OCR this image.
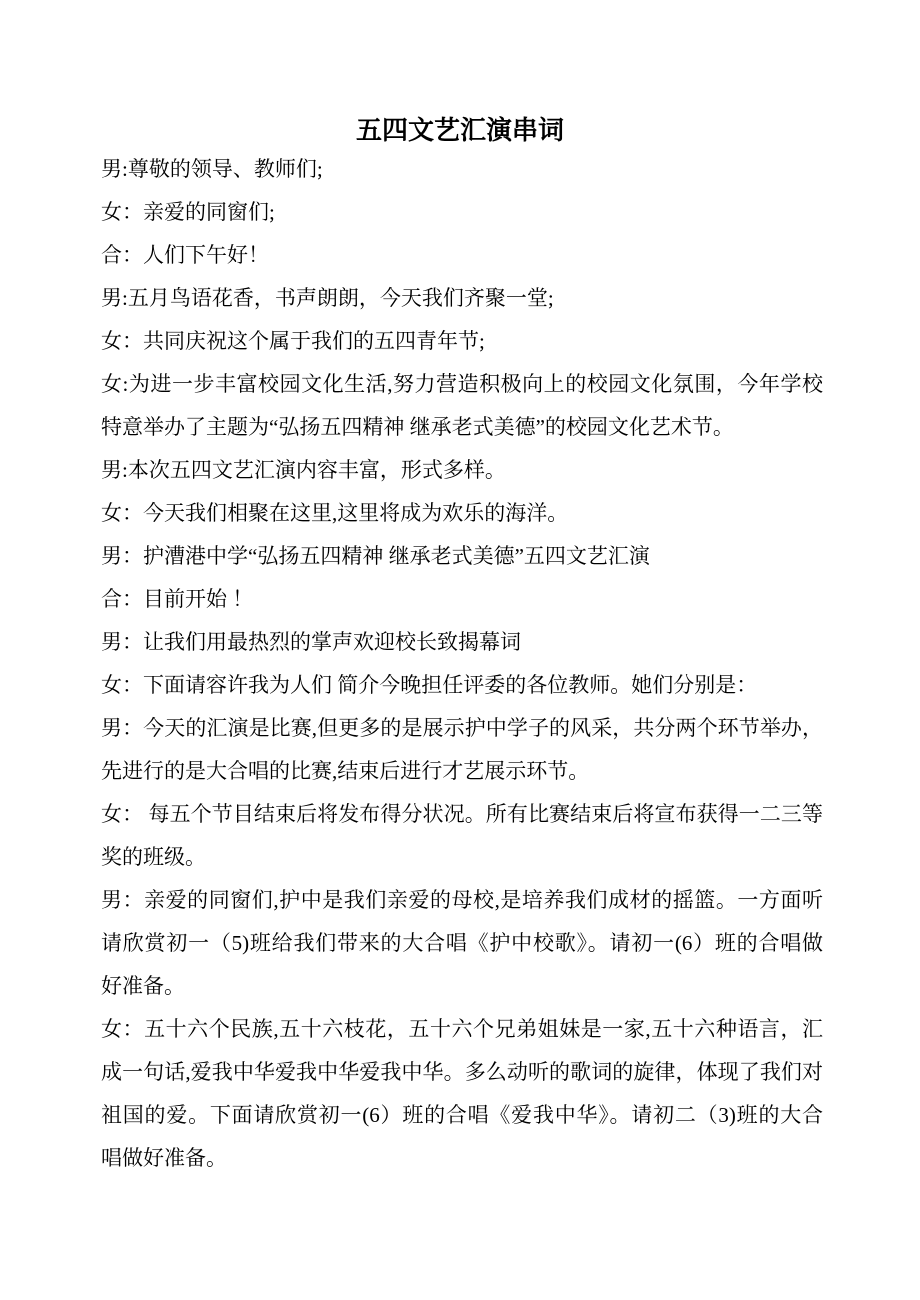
五四文艺汇演串词
男:尊敬的领导、教师们;
女：亲爱的同窗们;
合：人们下午好！
男:五月鸟语花香，书声朗朗，今天我们齐聚一堂;
女：共同庆祝这个属于我们的五四青年节;
女:为进一步丰富校园文化生活,努力营造积极向上的校园文化氛围，今年学校
特意举办了主题为“弘扬五四精神 继承老式美德”的校园文化艺术节。
男:本次五四文艺汇演内容丰富，形式多样。
女：今天我们相聚在这里,这里将成为欢乐的海洋。
男：护漕港中学“弘扬五四精神 继承老式美德”五四文艺汇演
合：目前开始 ！
男：让我们用最热烈的掌声欢迎校长致揭幕词
女：下面请容许我为人们 简介今晚担任评委的各位教师。她们分别是：
男：今天的汇演是比赛,但更多的是展示护中学子的风采，共分两个环节举办，
先进行的是大合唱的比赛,结束后进行才艺展示环节。
女： 每五个节目结束后将发布得分状况。所有比赛结束后将宣布获得一二三等
奖的班级。
男：亲爱的同窗们,护中是我们亲爱的母校,是培养我们成材的摇篮。一方面听
请欣赏初一（5)班给我们带来的大合唱《护中校歌》。请初一(6）班的合唱做
好准备。
女：五十六个民族,五十六枝花，五十六个兄弟姐妹是一家,五十六种语言，汇
成一句话,爱我中华爱我中华爱我中华。多么动听的歌词的旋律，体现了我们对
祖国的爱。下面请欣赏初一(6）班的合唱《爱我中华》。请初二（3)班的大合
唱做好准备。
